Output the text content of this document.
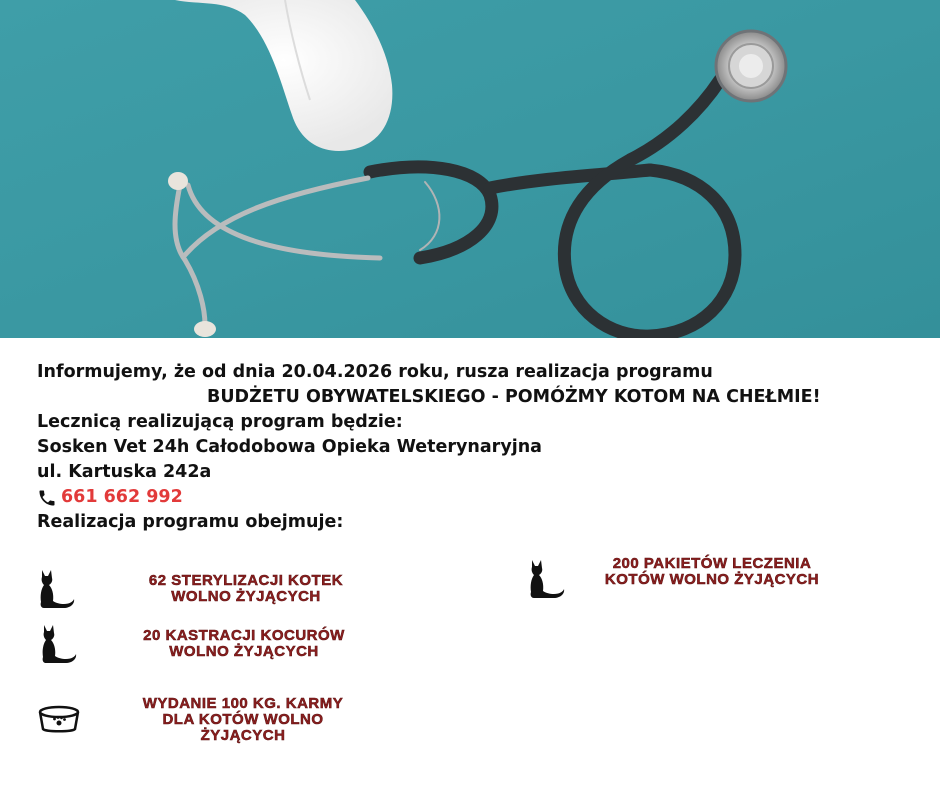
Informujemy, że od dnia 20.04.2026 roku, rusza realizacja programu
BUDŻETU OBYWATELSKIEGO - POMÓŻMY KOTOM NA CHEŁMIE!
Lecznicą realizującą program będzie:
Sosken Vet 24h Całodobowa Opieka Weterynaryjna
ul. Kartuska 242a
661 662 992
Realizacja programu obejmuje:
62 STERYLIZACJI KOTEK
WOLNO ŻYJĄCYCH
20 KASTRACJI KOCURÓW
WOLNO ŻYJĄCYCH
WYDANIE 100 KG. KARMY
DLA KOTÓW WOLNO
ŻYJĄCYCH
200 PAKIETÓW LECZENIA
KOTÓW WOLNO ŻYJĄCYCH
